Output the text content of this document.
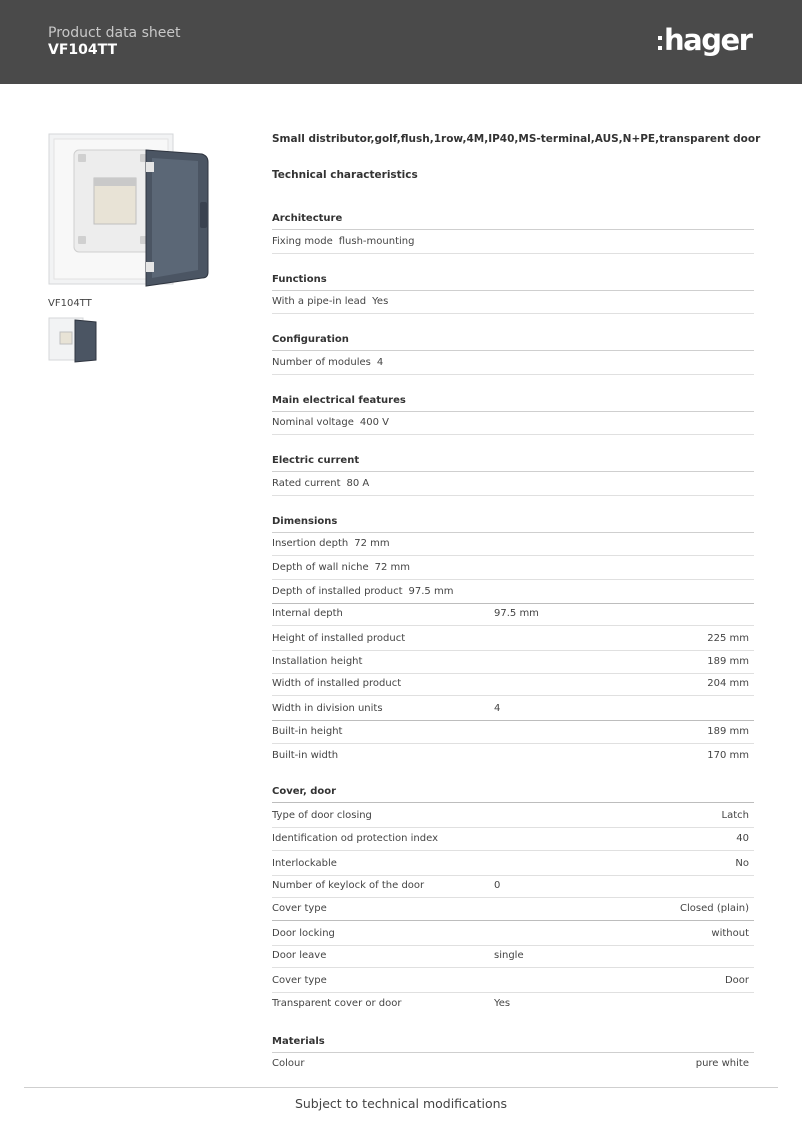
Product data sheet
VF104TT	hager
VF104TT
Small distributor,golf,flush,1row,4M,IP40,MS-terminal,AUS,N+PE,transparent door
Technical characteristics
Architecture
Fixing mode flush-mounting
Functions
With a pipe-in lead Yes
Configuration
Number of modules 4
Main electrical features
Nominal voltage 400 V
Electric current
Rated current 80 A
Dimensions
Insertion depth 72 mm
Depth of wall niche 72 mm
Depth of installed product 97.5 mm
Internal depth	97.5 mm
Height of installed product	225 mm
Installation height	189 mm
Width of installed product	204 mm
Width in division units	4
Built-in height	189 mm
Built-in width	170 mm
Cover, door
Type of door closing	Latch
Identification od protection index	40
Interlockable	No
Number of keylock of the door	0
Cover type	Closed (plain)
Door locking	without
Door leave	single
Cover type	Door
Transparent cover or door	Yes
Materials
Colour	pure white
Subject to technical modifications
